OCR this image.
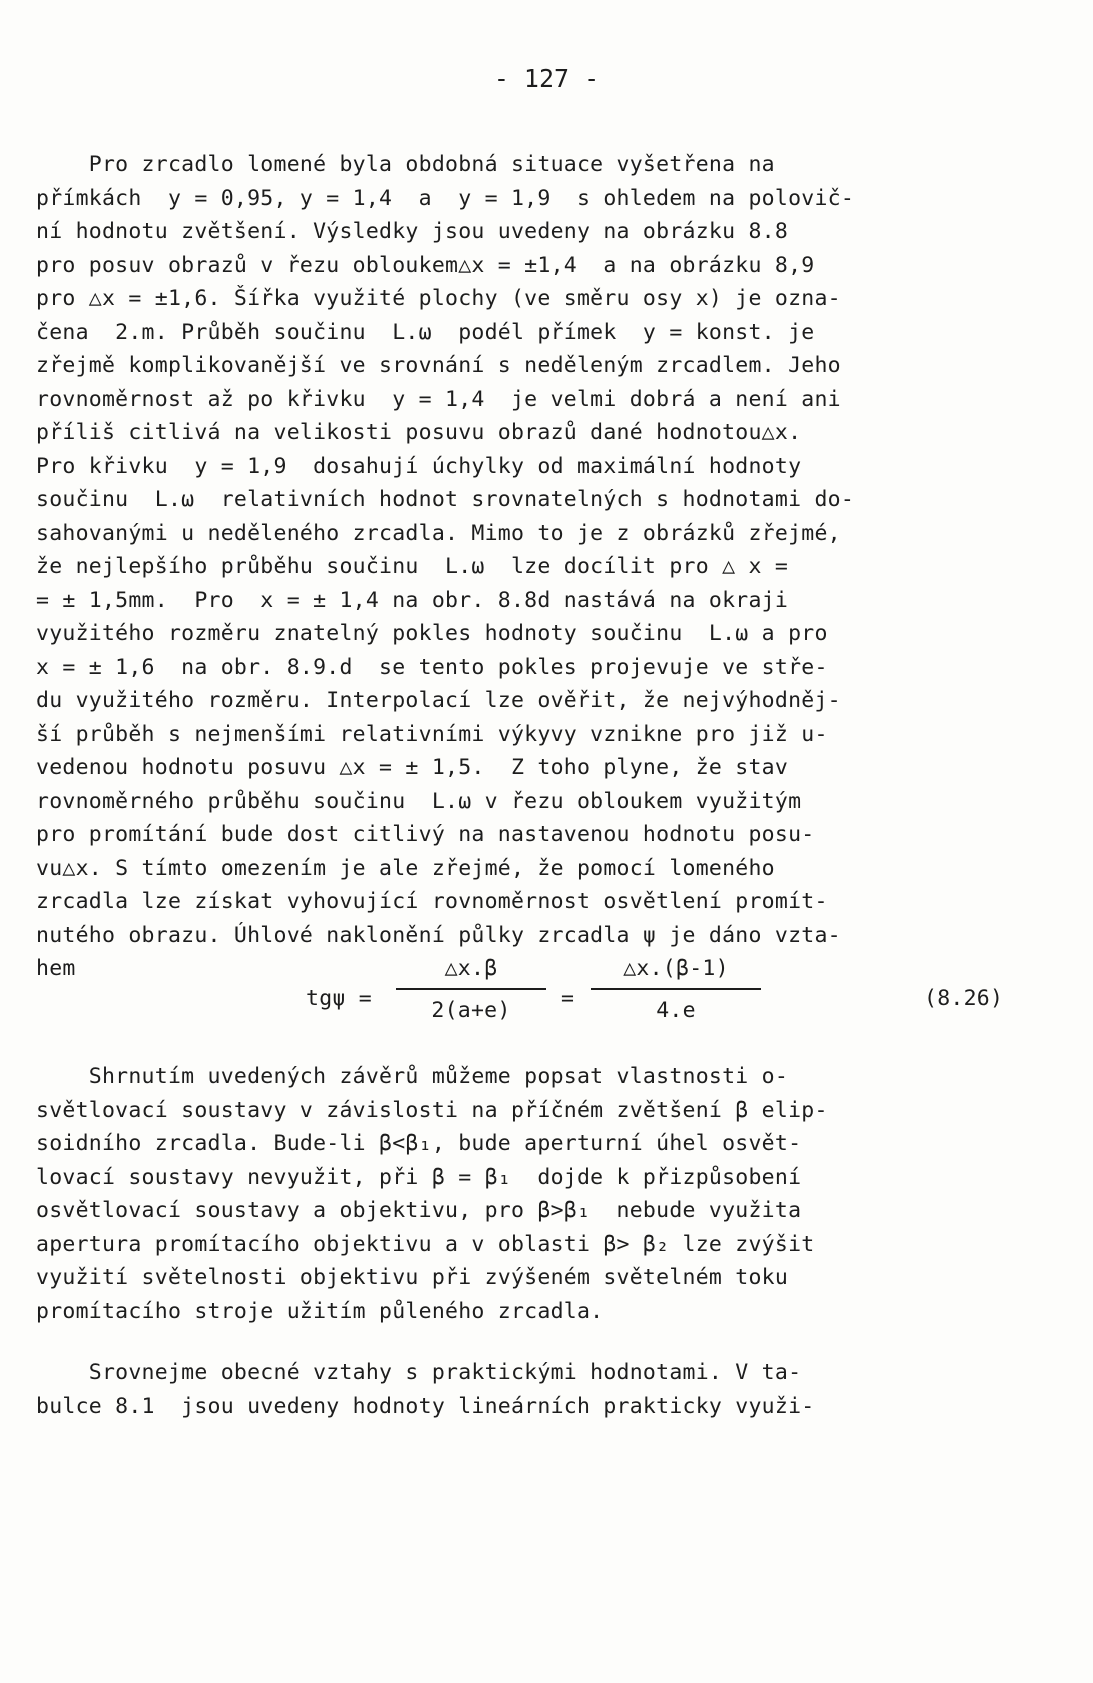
- 127 -
Pro zrcadlo lomené byla obdobná situace vyšetřena na
přímkách  y = 0,95, y = 1,4  a  y = 1,9  s ohledem na polovič-
ní hodnotu zvětšení. Výsledky jsou uvedeny na obrázku 8.8
pro posuv obrazů v řezu obloukem△x = ±1,4  a na obrázku 8,9
pro △x = ±1,6. Šířka využité plochy (ve směru osy x) je ozna-
čena  2.m. Průběh součinu  L.ω  podél přímek  y = konst. je
zřejmě komplikovanější ve srovnání s neděleným zrcadlem. Jeho
rovnoměrnost až po křivku  y = 1,4  je velmi dobrá a není ani
příliš citlivá na velikosti posuvu obrazů dané hodnotou△x.
Pro křivku  y = 1,9  dosahují úchylky od maximální hodnoty
součinu  L.ω  relativních hodnot srovnatelných s hodnotami do-
sahovanými u neděleného zrcadla. Mimo to je z obrázků zřejmé,
že nejlepšího průběhu součinu  L.ω  lze docílit pro △ x =
= ± 1,5mm.  Pro  x = ± 1,4 na obr. 8.8d nastává na okraji
využitého rozměru znatelný pokles hodnoty součinu  L.ω a pro
x = ± 1,6  na obr. 8.9.d  se tento pokles projevuje ve stře-
du využitého rozměru. Interpolací lze ověřit, že nejvýhodněj-
ší průběh s nejmenšími relativními výkyvy vznikne pro již u-
vedenou hodnotu posuvu △x = ± 1,5.  Z toho plyne, že stav
rovnoměrného průběhu součinu  L.ω v řezu obloukem využitým
pro promítání bude dost citlivý na nastavenou hodnotu posu-
vu△x. S tímto omezením je ale zřejmé, že pomocí lomeného
zrcadla lze získat vyhovující rovnoměrnost osvětlení promít-
nutého obrazu. Úhlové naklonění půlky zrcadla ψ je dáno vzta-
hem
tgψ =
△x.β
2(a+e)	=
△x.(β-1)
4.e	(8.26)
Shrnutím uvedených závěrů můžeme popsat vlastnosti o-
světlovací soustavy v závislosti na příčném zvětšení β elip-
soidního zrcadla. Bude-li β<β₁, bude aperturní úhel osvět-
lovací soustavy nevyužit, při β = β₁  dojde k přizpůsobení
osvětlovací soustavy a objektivu, pro β>β₁  nebude využita
apertura promítacího objektivu a v oblasti β> β₂ lze zvýšit
využití světelnosti objektivu při zvýšeném světelném toku
promítacího stroje užitím půleného zrcadla.
Srovnejme obecné vztahy s praktickými hodnotami. V ta-
bulce 8.1  jsou uvedeny hodnoty lineárních prakticky využi-
